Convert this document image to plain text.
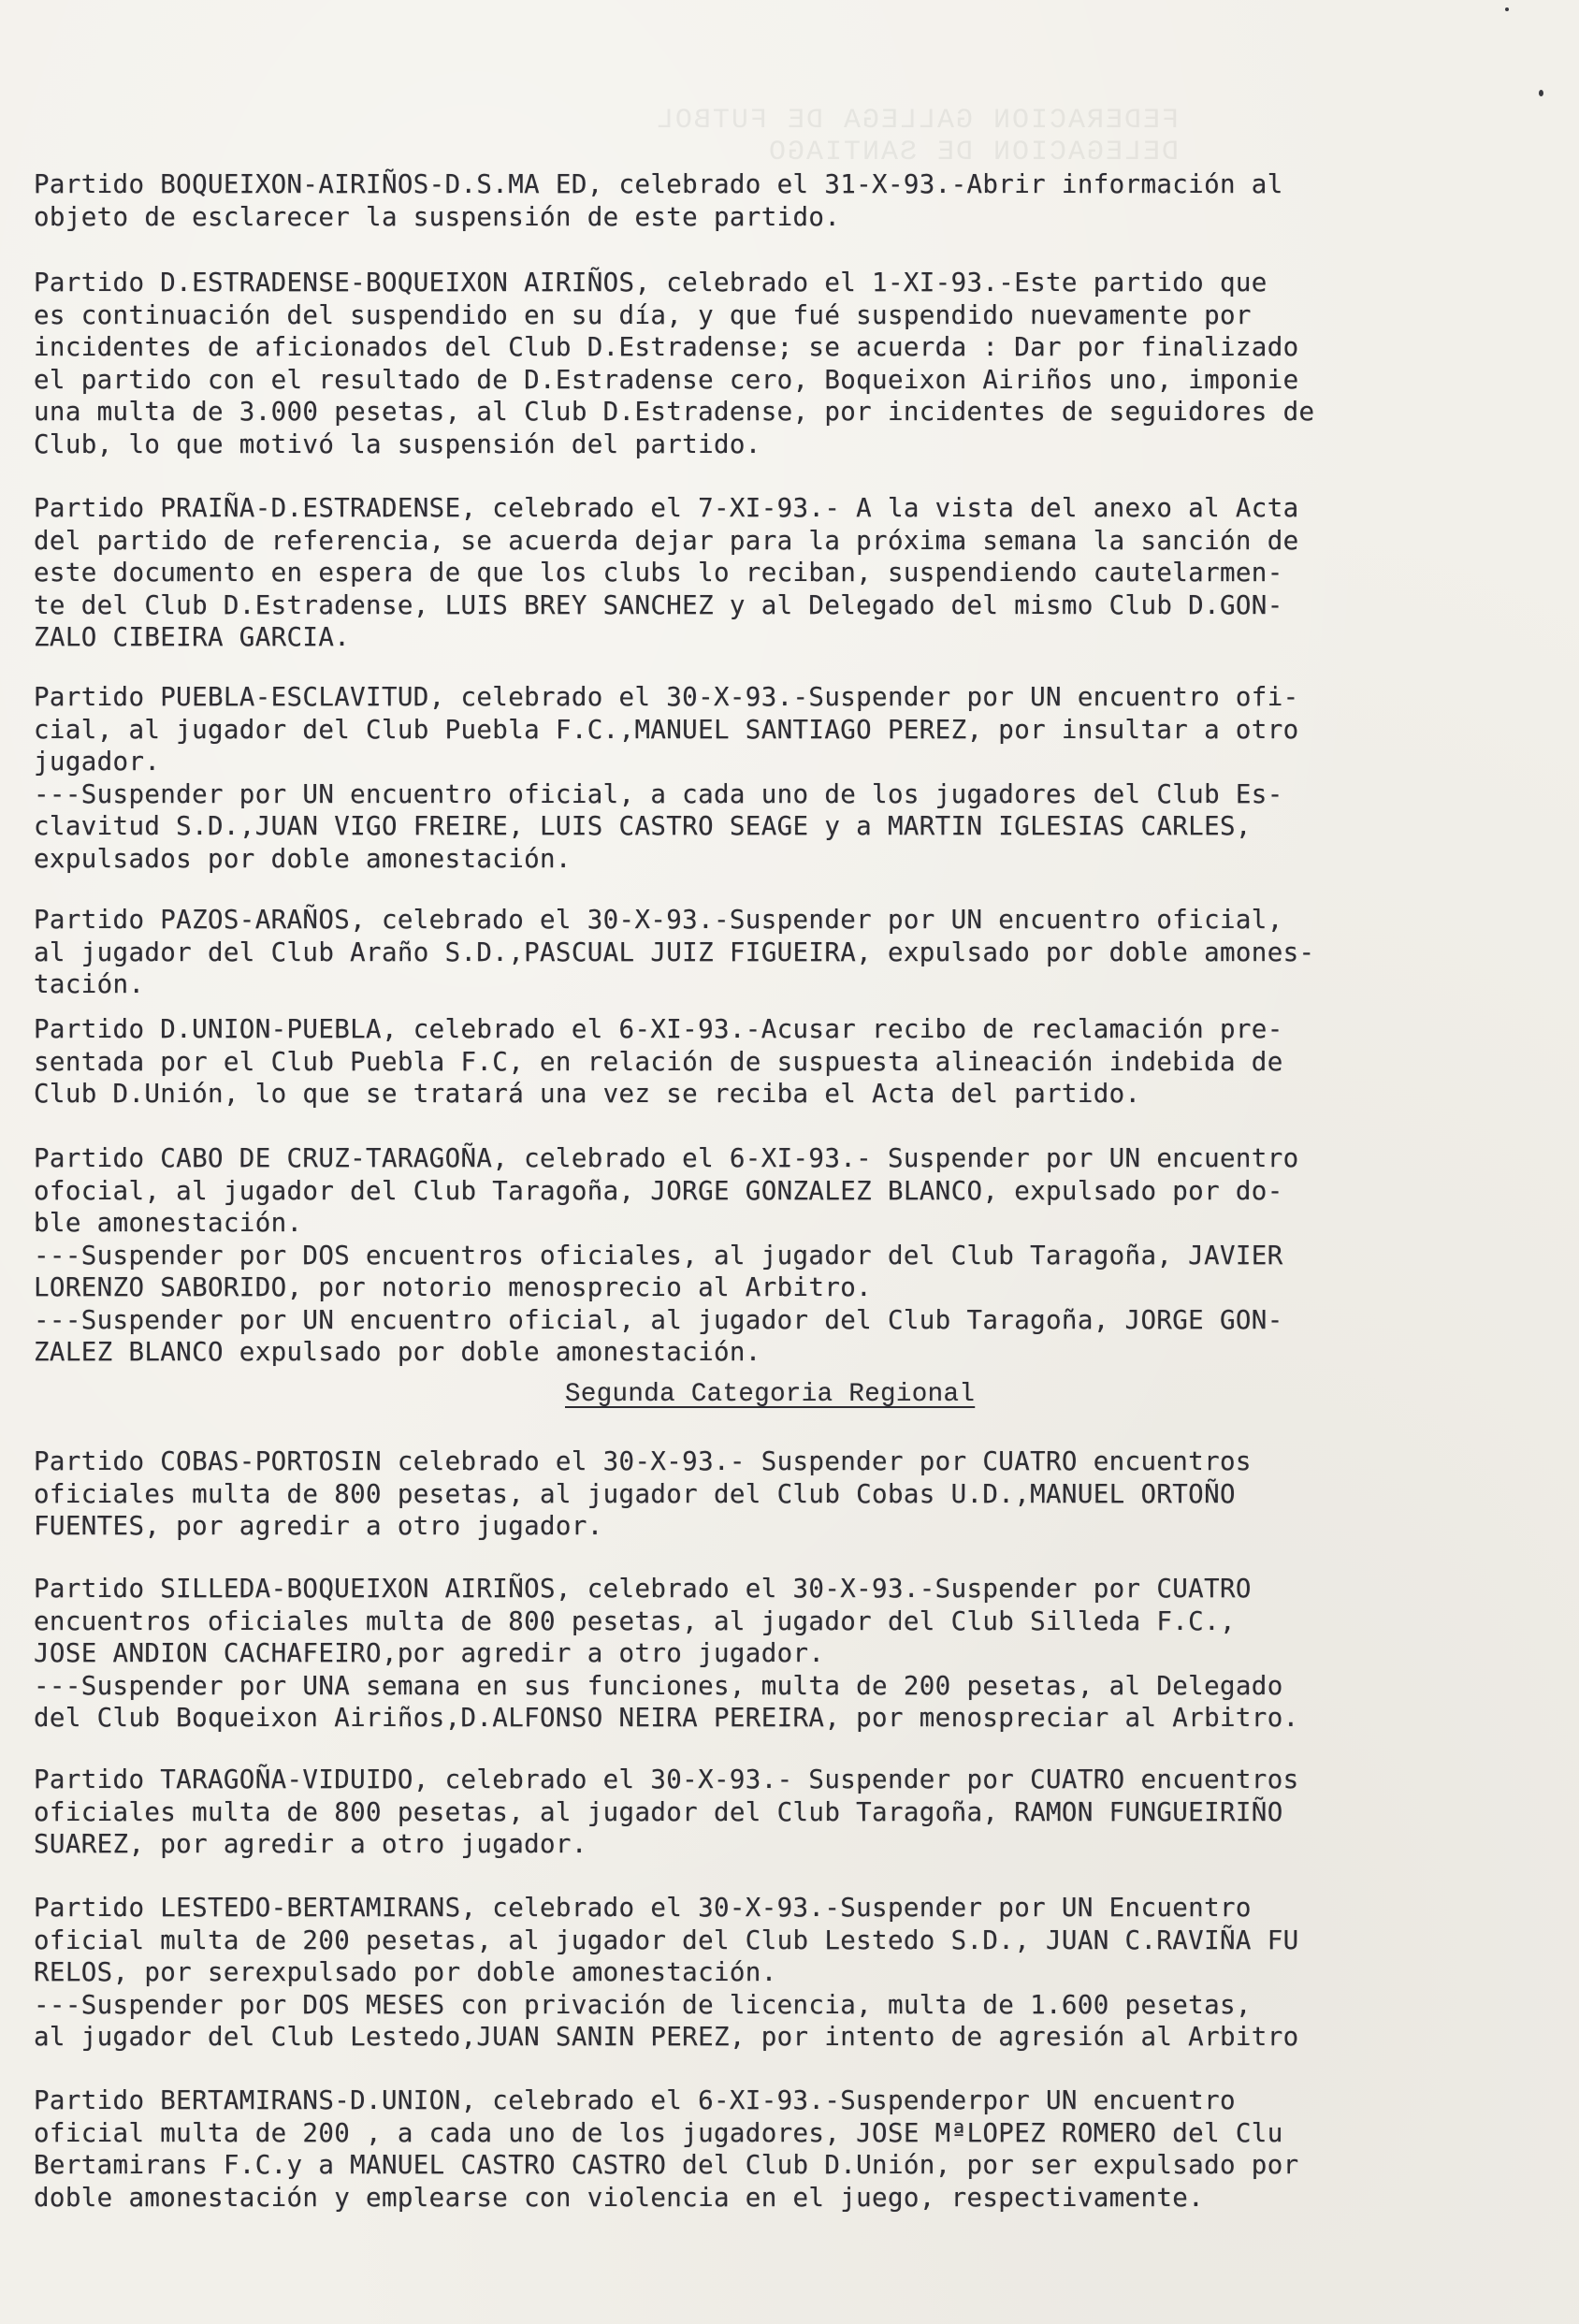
FEDERACION GALLEGA DE FUTBOL
DELEGACION DE SANTIAGO
Partido BOQUEIXON-AIRIÑOS-D.S.MA ED, celebrado el 31-X-93.-Abrir información al
objeto de esclarecer la suspensión de este partido.
Partido D.ESTRADENSE-BOQUEIXON AIRIÑOS, celebrado el 1-XI-93.-Este partido que
es continuación del suspendido en su día, y que fué suspendido nuevamente por
incidentes de aficionados del Club D.Estradense; se acuerda : Dar por finalizado
el partido con el resultado de D.Estradense cero, Boqueixon Airiños uno, imponie
una multa de 3.000 pesetas, al Club D.Estradense, por incidentes de seguidores de
Club, lo que motivó la suspensión del partido.
Partido PRAIÑA-D.ESTRADENSE, celebrado el 7-XI-93.- A la vista del anexo al Acta
del partido de referencia, se acuerda dejar para la próxima semana la sanción de
este documento en espera de que los clubs lo reciban, suspendiendo cautelarmen-
te del Club D.Estradense, LUIS BREY SANCHEZ y al Delegado del mismo Club D.GON-
ZALO CIBEIRA GARCIA.
Partido PUEBLA-ESCLAVITUD, celebrado el 30-X-93.-Suspender por UN encuentro ofi-
cial, al jugador del Club Puebla F.C.,MANUEL SANTIAGO PEREZ, por insultar a otro
jugador.
---Suspender por UN encuentro oficial, a cada uno de los jugadores del Club Es-
clavitud S.D.,JUAN VIGO FREIRE, LUIS CASTRO SEAGE y a MARTIN IGLESIAS CARLES,
expulsados por doble amonestación.
Partido PAZOS-ARAÑOS, celebrado el 30-X-93.-Suspender por UN encuentro oficial,
al jugador del Club Araño S.D.,PASCUAL JUIZ FIGUEIRA, expulsado por doble amones-
tación.
Partido D.UNION-PUEBLA, celebrado el 6-XI-93.-Acusar recibo de reclamación pre-
sentada por el Club Puebla F.C, en relación de suspuesta alineación indebida de
Club D.Unión, lo que se tratará una vez se reciba el Acta del partido.
Partido CABO DE CRUZ-TARAGOÑA, celebrado el 6-XI-93.- Suspender por UN encuentro
ofocial, al jugador del Club Taragoña, JORGE GONZALEZ BLANCO, expulsado por do-
ble amonestación.
---Suspender por DOS encuentros oficiales, al jugador del Club Taragoña, JAVIER
LORENZO SABORIDO, por notorio menosprecio al Arbitro.
---Suspender por UN encuentro oficial, al jugador del Club Taragoña, JORGE GON-
ZALEZ BLANCO expulsado por doble amonestación.
Segunda Categoria Regional
Partido COBAS-PORTOSIN celebrado el 30-X-93.- Suspender por CUATRO encuentros
oficiales multa de 800 pesetas, al jugador del Club Cobas U.D.,MANUEL ORTOÑO
FUENTES, por agredir a otro jugador.
Partido SILLEDA-BOQUEIXON AIRIÑOS, celebrado el 30-X-93.-Suspender por CUATRO
encuentros oficiales multa de 800 pesetas, al jugador del Club Silleda F.C.,
JOSE ANDION CACHAFEIRO,por agredir a otro jugador.
---Suspender por UNA semana en sus funciones, multa de 200 pesetas, al Delegado
del Club Boqueixon Airiños,D.ALFONSO NEIRA PEREIRA, por menospreciar al Arbitro.
Partido TARAGOÑA-VIDUIDO, celebrado el 30-X-93.- Suspender por CUATRO encuentros
oficiales multa de 800 pesetas, al jugador del Club Taragoña, RAMON FUNGUEIRIÑO
SUAREZ, por agredir a otro jugador.
Partido LESTEDO-BERTAMIRANS, celebrado el 30-X-93.-Suspender por UN Encuentro
oficial multa de 200 pesetas, al jugador del Club Lestedo S.D., JUAN C.RAVIÑA FU
RELOS, por serexpulsado por doble amonestación.
---Suspender por DOS MESES con privación de licencia, multa de 1.600 pesetas,
al jugador del Club Lestedo,JUAN SANIN PEREZ, por intento de agresión al Arbitro
Partido BERTAMIRANS-D.UNION, celebrado el 6-XI-93.-Suspenderpor UN encuentro
oficial multa de 200 , a cada uno de los jugadores, JOSE MªLOPEZ ROMERO del Clu
Bertamirans F.C.y a MANUEL CASTRO CASTRO del Club D.Unión, por ser expulsado por
doble amonestación y emplearse con violencia en el juego, respectivamente.
